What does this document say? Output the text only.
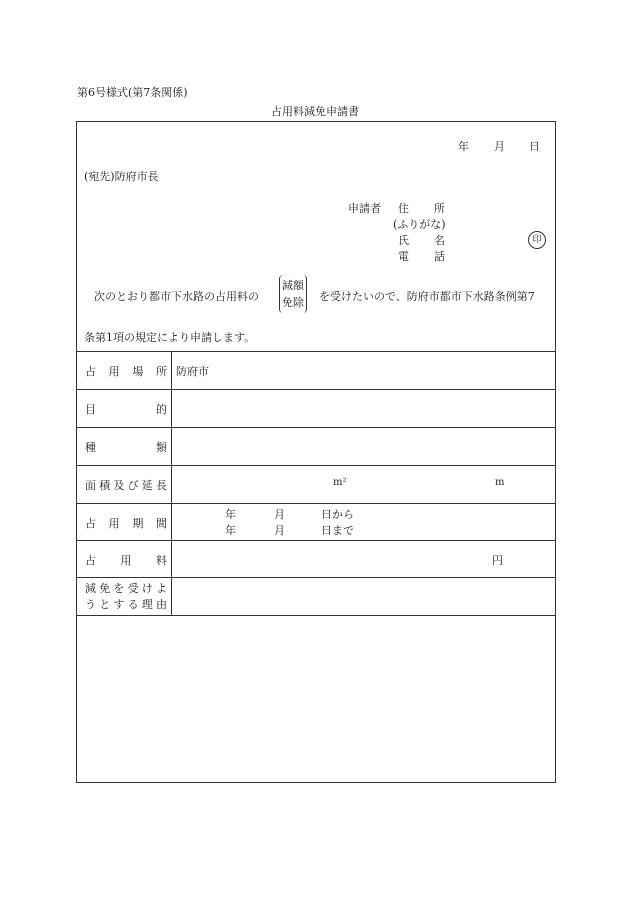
第6号様式(第7条関係)
占用料減免申請書
年 月 日
(宛先)防府市長
申請者 住 所
(ふりがな)
氏 名
電 話
印
次のとおり都市下水路の占用料の
減額
免除 を受けたいので、防府市都市下水路条例第7
条第1項の規定により申請します。
占 用 場 所 防府市
目	的
種	類
面 積 及 び 延 長	m²	m
占 用 期 間
年	月	日から
年	月	日まで
占 用 料	円
減 免 を 受 け よ
う と す る 理 由
